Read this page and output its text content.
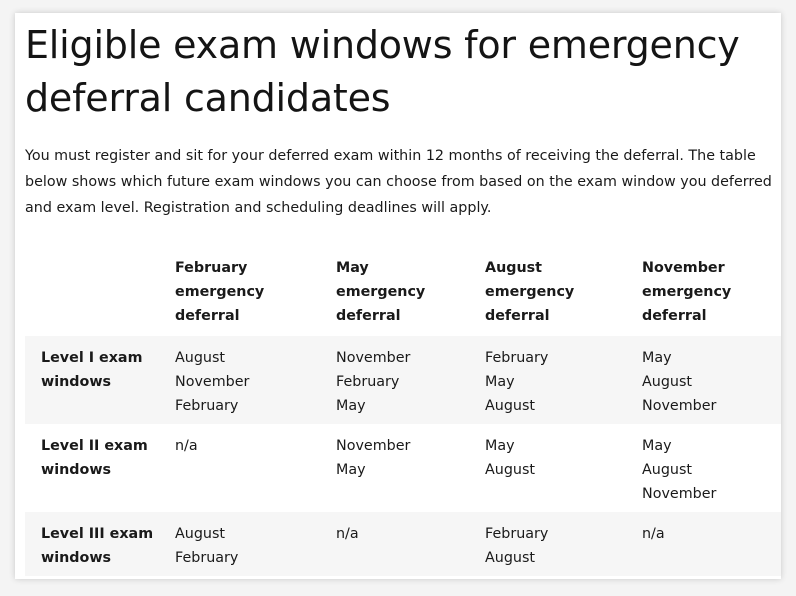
Eligible exam windows for emergency deferral candidates

You must register and sit for your deferred exam within 12 months of receiving the deferral. The table below shows which future exam windows you can choose from based on the exam window you deferred and exam level. Registration and scheduling deadlines will apply.

	February
emergency
deferral	May
emergency
deferral	August
emergency
deferral	November
emergency
deferral

Level I exam
windows	August
November
February	November
February
May	February
May
August	May
August
November

Level II exam
windows	n/a	November
May	May
August	May
August
November

Level III exam
windows	August
February	n/a	February
August	n/a
